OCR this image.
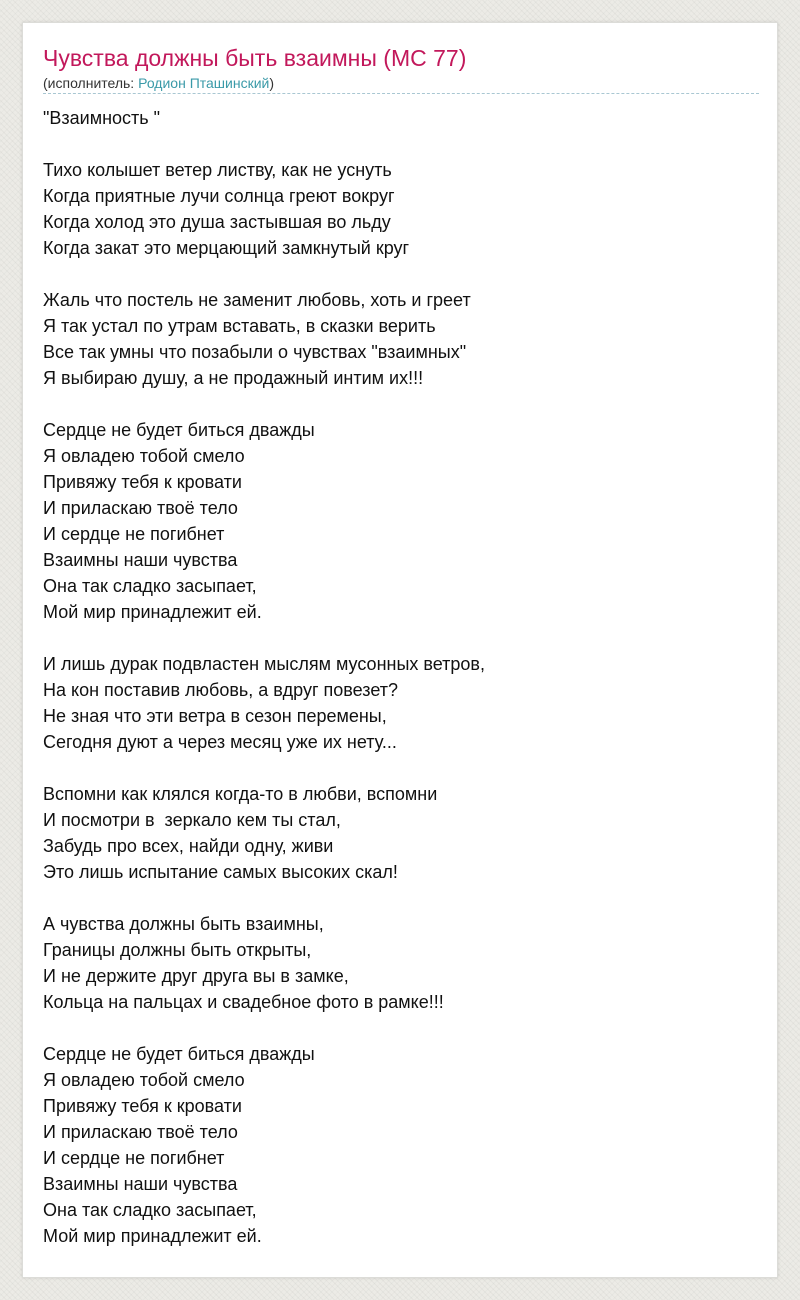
Чувства должны быть взаимны (MC 77)
(исполнитель: Родион Пташинский)
"Взаимность "
Тихо колышет ветер листву, как не уснуть
Когда приятные лучи солнца греют вокруг
Когда холод это душа застывшая во льду
Когда закат это мерцающий замкнутый круг
Жаль что постель не заменит любовь, хоть и греет
Я так устал по утрам вставать, в сказки верить
Все так умны что позабыли о чувствах "взаимных"
Я выбираю душу, а не продажный интим их!!!
Сердце не будет биться дважды
Я овладею тобой смело
Привяжу тебя к кровати
И приласкаю твоё тело
И сердце не погибнет
Взаимны наши чувства
Она так сладко засыпает,
Мой мир принадлежит ей.
И лишь дурак подвластен мыслям мусонных ветров,
На кон поставив любовь, а вдруг повезет?
Не зная что эти ветра в сезон перемены,
Сегодня дуют а через месяц уже их нету...
Вспомни как клялся когда-то в любви, вспомни
И посмотри в  зеркало кем ты стал,
Забудь про всех, найди одну, живи
Это лишь испытание самых высоких скал!
А чувства должны быть взаимны,
Границы должны быть открыты,
И не держите друг друга вы в замке,
Кольца на пальцах и свадебное фото в рамке!!!
Сердце не будет биться дважды
Я овладею тобой смело
Привяжу тебя к кровати
И приласкаю твоё тело
И сердце не погибнет
Взаимны наши чувства
Она так сладко засыпает,
Мой мир принадлежит ей.
